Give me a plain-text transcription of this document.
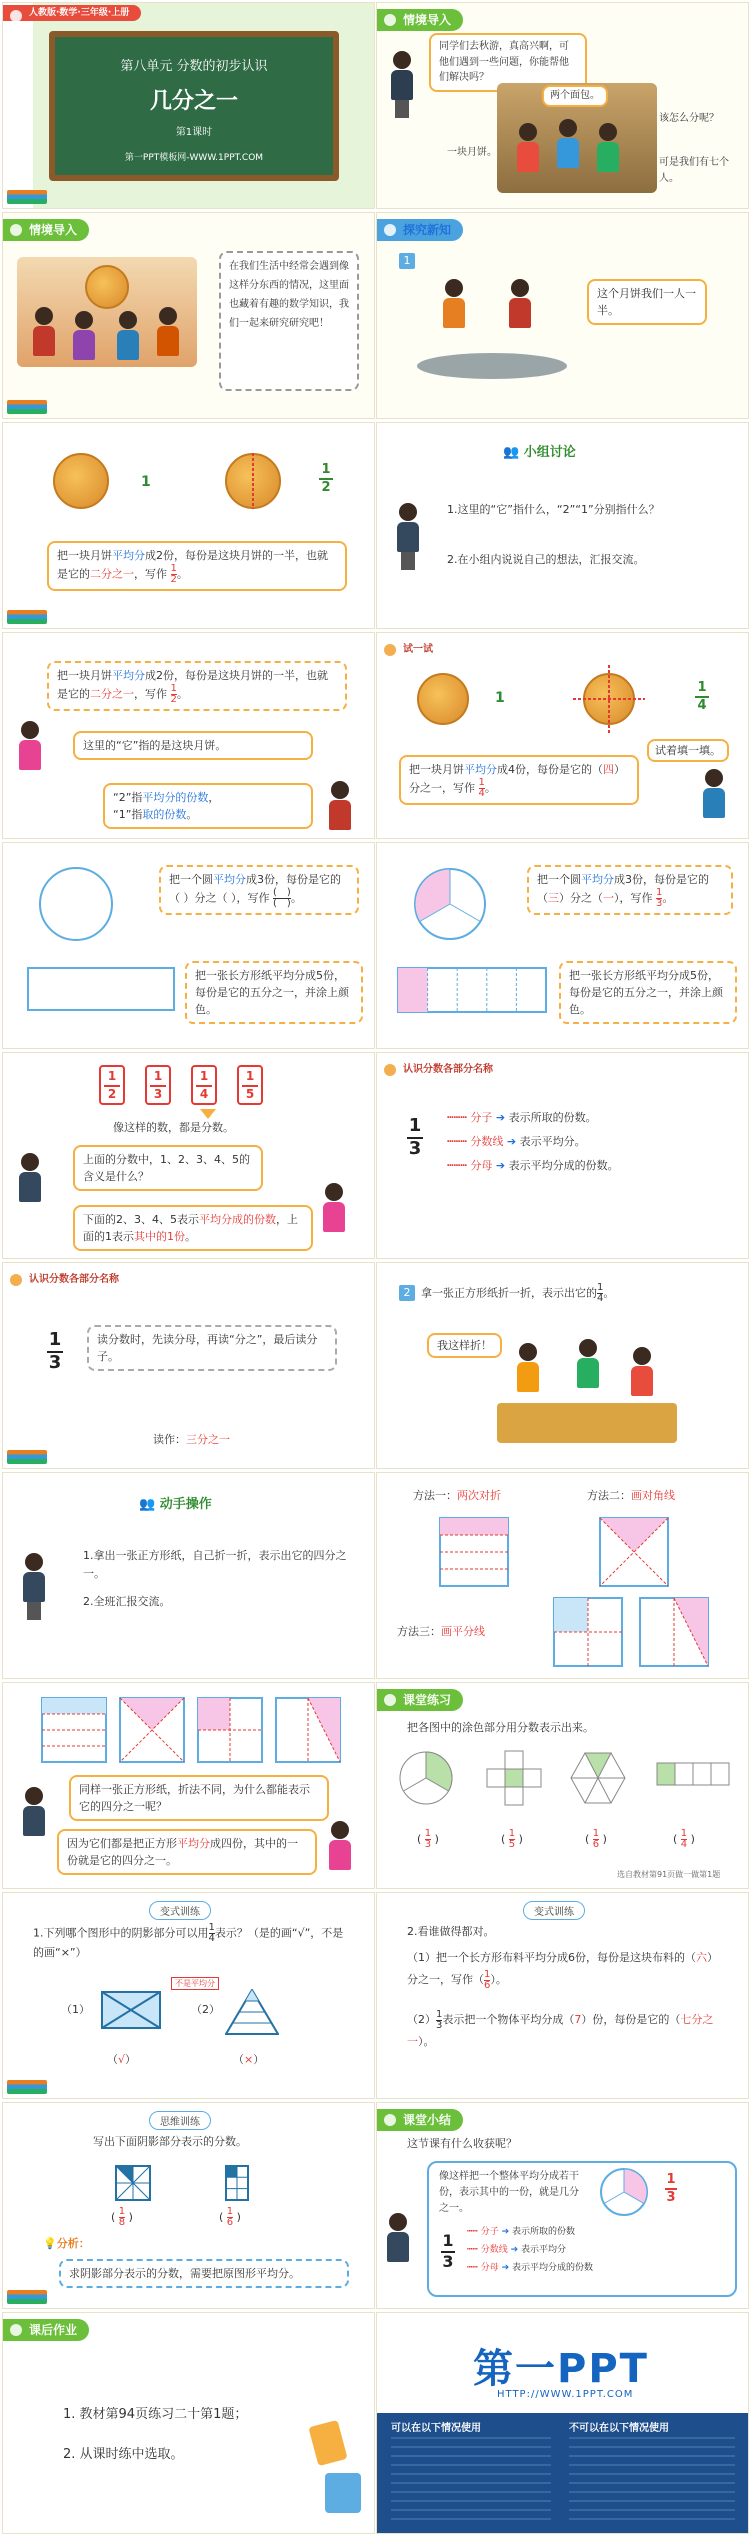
人教版·数学·三年级·上册
第八单元 分数的初步认识
几分之一
第1课时
第一PPT模板网-WWW.1PPT.COM
情境导入
同学们去秋游，真高兴啊，可他们遇到一些问题，你能帮他们解决吗？
两个面包。
该怎么分呢？
一块月饼。
可是我们有七个人。
情境导入
在我们生活中经常会遇到像这样分东西的情况，这里面也藏着有趣的数学知识，我们一起来研究研究吧！
探究新知
1
这个月饼我们一人一半。
1
1
2
把一块月饼平均分成2份，每份是这块月饼的一半，也就是它的二分之一，写作 $\frac{1}{2}$ 。
👥 小组讨论
1.这里的“它”指什么，“2”“1”分别指什么？
2.在小组内说说自己的想法，汇报交流。
把一块月饼平均分成2份，每份是这块月饼的一半，也就是它的二分之一，写作 $\frac{1}{2}$ 。
这里的“它”指的是这块月饼。
“2”指平均分的份数，
“1”指取的份数。
试一试
1
1
4
试着填一填。
把一块月饼平均分成4份，每份是它的（四）分之一，写作 $\frac{1}{4}$ 。
把一个圆平均分成3份，每份是它的（ ）分之（ ），写作 (　)
(　) 。
把一张长方形纸平均分成5份，每份是它的五分之一，并涂上颜色。
把一个圆平均分成3份，每份是它的（三）分之（一），写作 $\frac{1}{3}$ 。
把一张长方形纸平均分成5份，每份是它的五分之一，并涂上颜色。
1
2
1
3
1
4
1
5
像这样的数，都是分数。
上面的分数中，1、2、3、4、5的含义是什么？
下面的2、3、4、5表示平均分成的份数，上面的1表示其中的1份。
认识分数各部分名称
1
3
┅┅┅ 分子 ➔ 表示所取的份数。
┅┅┅ 分数线 ➔ 表示平均分。
┅┅┅ 分母 ➔ 表示平均分成的份数。
认识分数各部分名称
1
3
读分数时，先读分母，再读“分之”，最后读分子。
读作：三分之一
2 拿一张正方形纸折一折，表示出它的 $\frac{1}{4}$ 。
我这样折！
👥 动手操作
1.拿出一张正方形纸，自己折一折，表示出它的四分之一。
2.全班汇报交流。
方法一：两次对折	方法二：画对角线
方法三：画平分线
同样一张正方形纸，折法不同，为什么都能表示它的四分之一呢？
因为它们都是把正方形平均分成四份，其中的一份就是它的四分之一。
课堂练习
把各图中的涂色部分用分数表示出来。
( $\frac{1}{3}$ )	( $\frac{1}{5}$ )	( $\frac{1}{6}$ )	( $\frac{1}{4}$ )
选自教材第91页做一做第1题
变式训练
1.下列哪个图形中的阴影部分可以用 $\frac{1}{4}$ 表示？（是的画“√”，不是的画“×”）
（1）	（2）
不是平均分
（√）	（×）
变式训练
2.看谁做得都对。
（1）把一个长方形布料平均分成6份，每份是这块布料的（六）分之一，写作（ $\frac{1}{6}$ ）。
$(2) \frac{1}{3}$ 表示把一个物体平均分成（7）份，每份是它的（七分之一）。
思维训练
写出下面阴影部分表示的分数。
( $\frac{1}{8}$ )	( $\frac{1}{6}$ )
💡分析：
求阴影部分表示的分数，需要把原图形平均分。
课堂小结
这节课有什么收获呢？
像这样把一个整体平均分成若干份，表示其中的一份，就是几分之一。
1
3
1
3
┅┅ 分子 ➔ 表示所取的份数
┅┅ 分数线 ➔ 表示平均分
┅┅ 分母 ➔ 表示平均分成的份数
课后作业
1. 教材第94页练习二十第1题；
2. 从课时练中选取。
第一PPT
HTTP://WWW.1PPT.COM
可以在以下情况使用	不可以在以下情况使用
